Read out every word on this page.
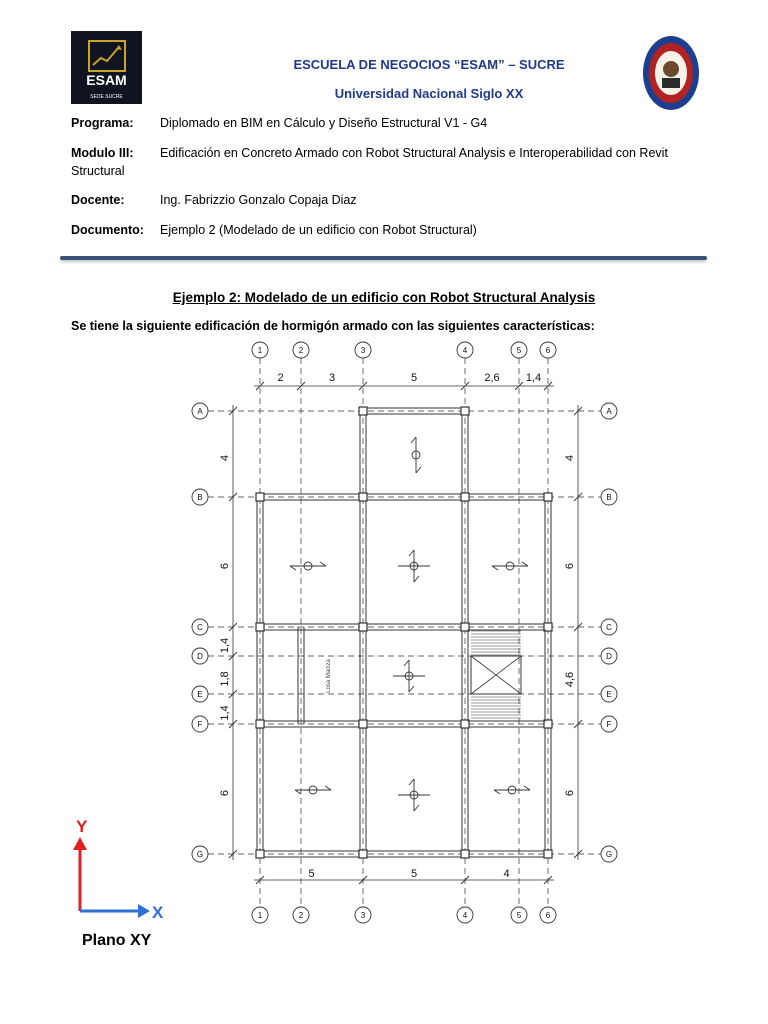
ESAM
SEDE SUCRE
ESCUELA DE NEGOCIOS “ESAM” – SUCRE
Universidad Nacional Siglo XX
Programa: Diplomado en BIM en Cálculo y Diseño Estructural V1 - G4
Modulo III: Edificación en Concreto Armado con Robot Structural Analysis e Interoperabilidad con Revit Structural
Docente:	Ing. Fabrizzio Gonzalo Copaja Diaz
Documento: Ejemplo 2 (Modelado de un edificio con Robot Structural)
Ejemplo 2: Modelado de un edificio con Robot Structural Analysis
Se tiene la siguiente edificación de hormigón armado con las siguientes características:
Losa Maciza
1
1
2
2
3
3
4
4
5
5
6
6
A	A
B	B
C	C
D	D
E	E
F	F
G	G
2	3	5	2,6 1,4
5	5	4
4
6
1,4
1,8
1,4
6
4
6
4,6
6
Y
X
Plano XY
